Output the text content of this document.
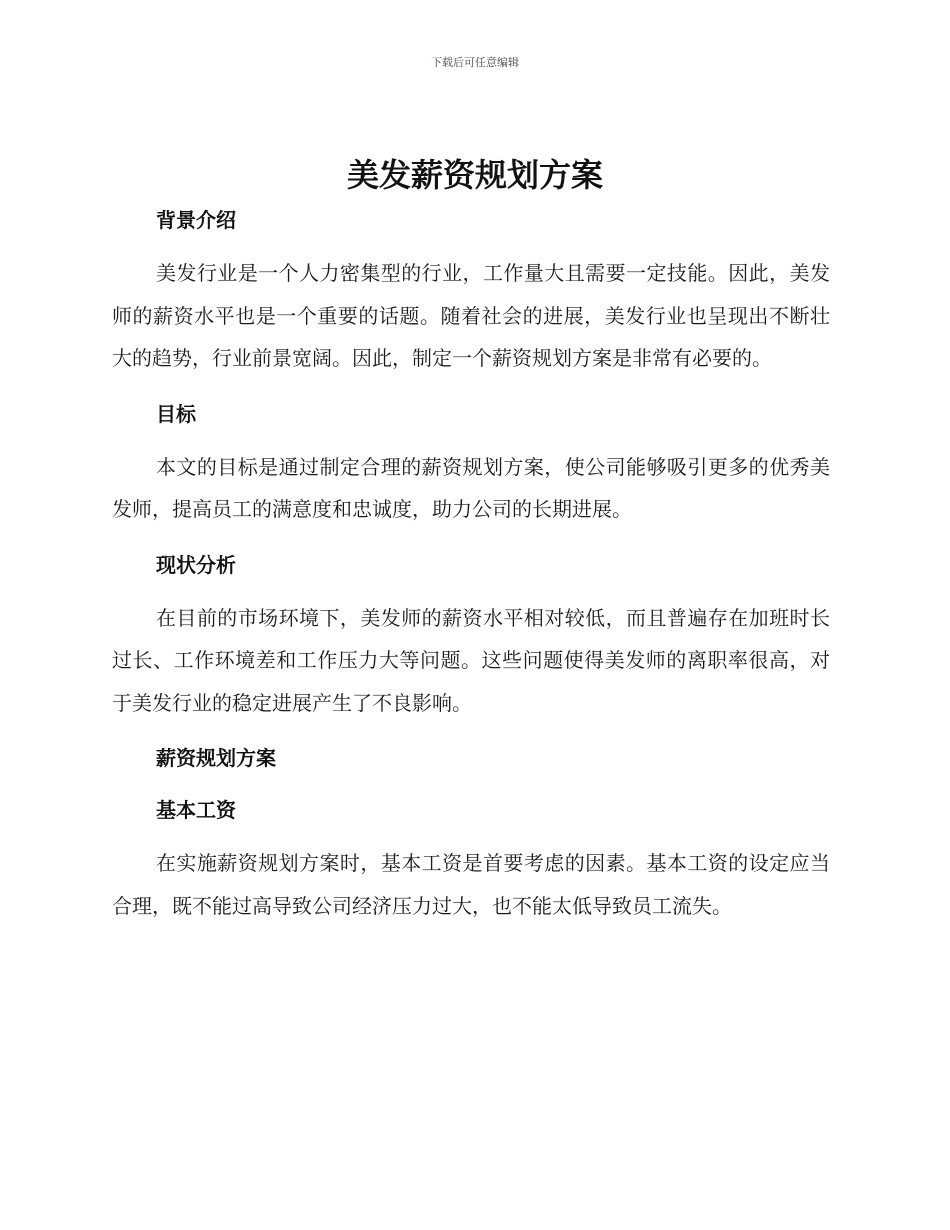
下载后可任意编辑
美发薪资规划方案
背景介绍

美发行业是一个人力密集型的行业，工作量大且需要一定技能。因此，美发师的薪资水平也是一个重要的话题。随着社会的进展，美发行业也呈现出不断壮大的趋势，行业前景宽阔。因此，制定一个薪资规划方案是非常有必要的。

目标

本文的目标是通过制定合理的薪资规划方案，使公司能够吸引更多的优秀美发师，提高员工的满意度和忠诚度，助力公司的长期进展。

现状分析

在目前的市场环境下，美发师的薪资水平相对较低，而且普遍存在加班时长过长、工作环境差和工作压力大等问题。这些问题使得美发师的离职率很高，对于美发行业的稳定进展产生了不良影响。

薪资规划方案
基本工资

在实施薪资规划方案时，基本工资是首要考虑的因素。基本工资的设定应当合理，既不能过高导致公司经济压力过大，也不能太低导致员工流失。
